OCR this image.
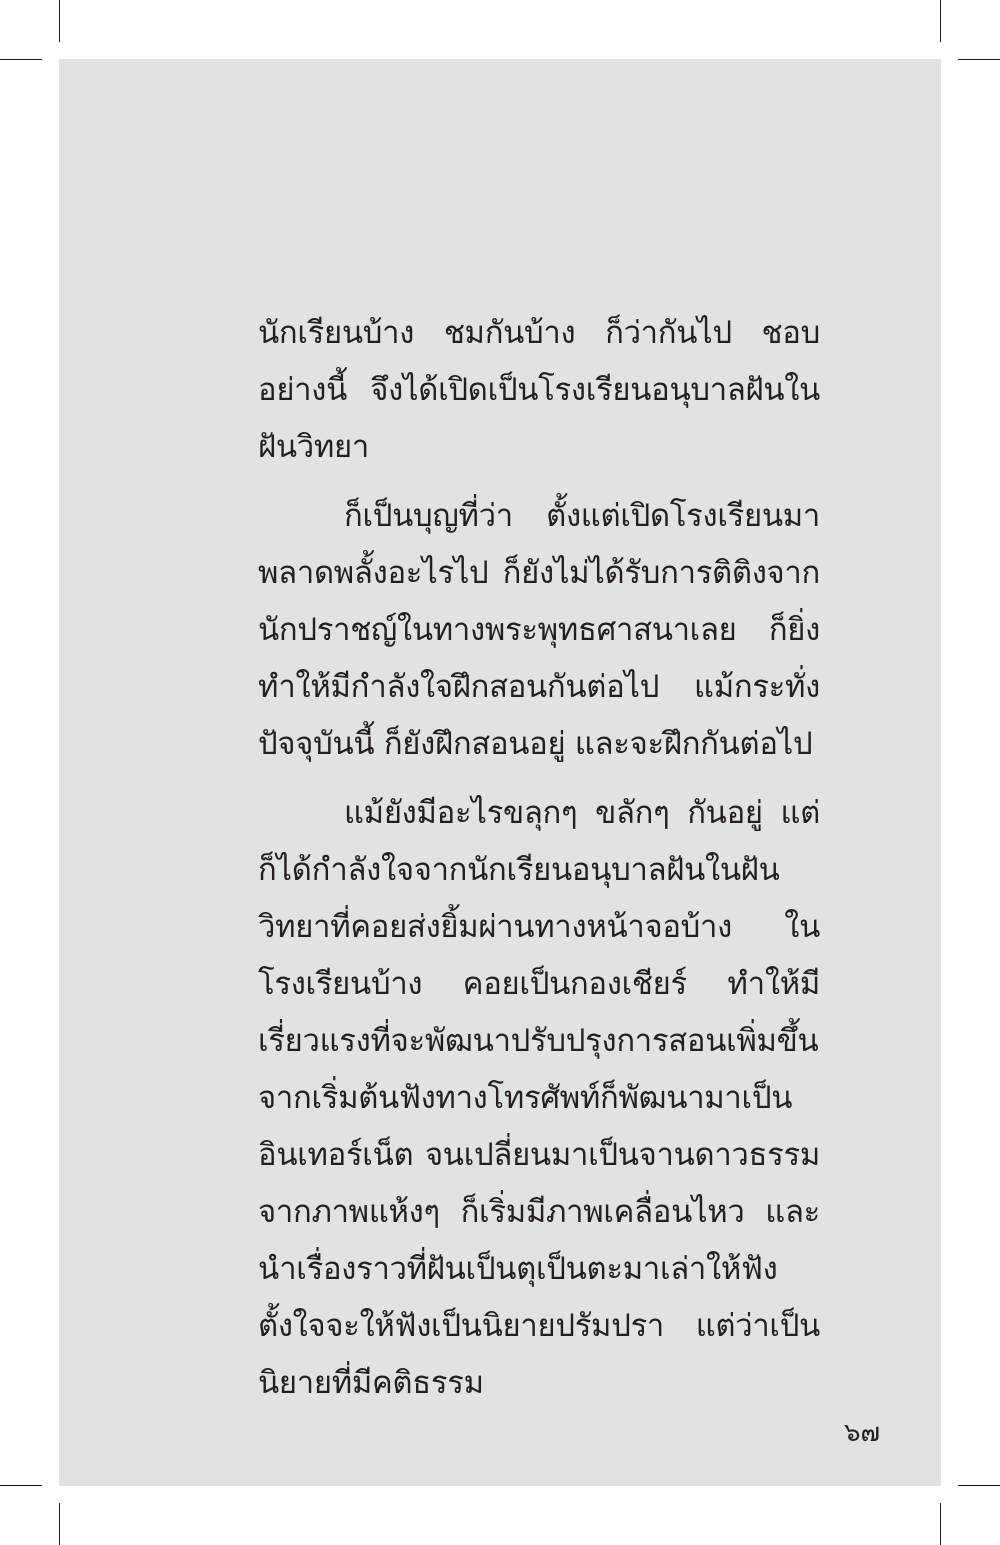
นักเรียนบ้าง ชมกันบ้าง ก็ว่ากันไป ชอบ
อย่างนี้ จึงได้เปิดเป็นโรงเรียนอนุบาลฝันใน
ฝันวิทยา
ก็เป็นบุญที่ว่า ตั้งแต่เปิดโรงเรียนมา
พลาดพลั้งอะไรไป ก็ยังไม่ได้รับการติติงจาก
นักปราชญ์ในทางพระพุทธศาสนาเลย ก็ยิ่ง
ทำให้มีกำลังใจฝึกสอนกันต่อไป แม้กระทั่ง
ปัจจุบันนี้ ก็ยังฝึกสอนอยู่ และจะฝึกกันต่อไป
แม้ยังมีอะไรขลุกๆ ขลักๆ กันอยู่ แต่
ก็ได้กำลังใจจากนักเรียนอนุบาลฝันในฝัน
วิทยาที่คอยส่งยิ้มผ่านทางหน้าจอบ้าง ใน
โรงเรียนบ้าง คอยเป็นกองเชียร์ ทำให้มี
เรี่ยวแรงที่จะพัฒนาปรับปรุงการสอนเพิ่มขึ้น
จากเริ่มต้นฟังทางโทรศัพท์ก็พัฒนามาเป็น
อินเทอร์เน็ต จนเปลี่ยนมาเป็นจานดาวธรรม
จากภาพแห้งๆ ก็เริ่มมีภาพเคลื่อนไหว และ
นำเรื่องราวที่ฝันเป็นตุเป็นตะมาเล่าให้ฟัง
ตั้งใจจะให้ฟังเป็นนิยายปรัมปรา แต่ว่าเป็น
นิยายที่มีคติธรรม
๖๗
